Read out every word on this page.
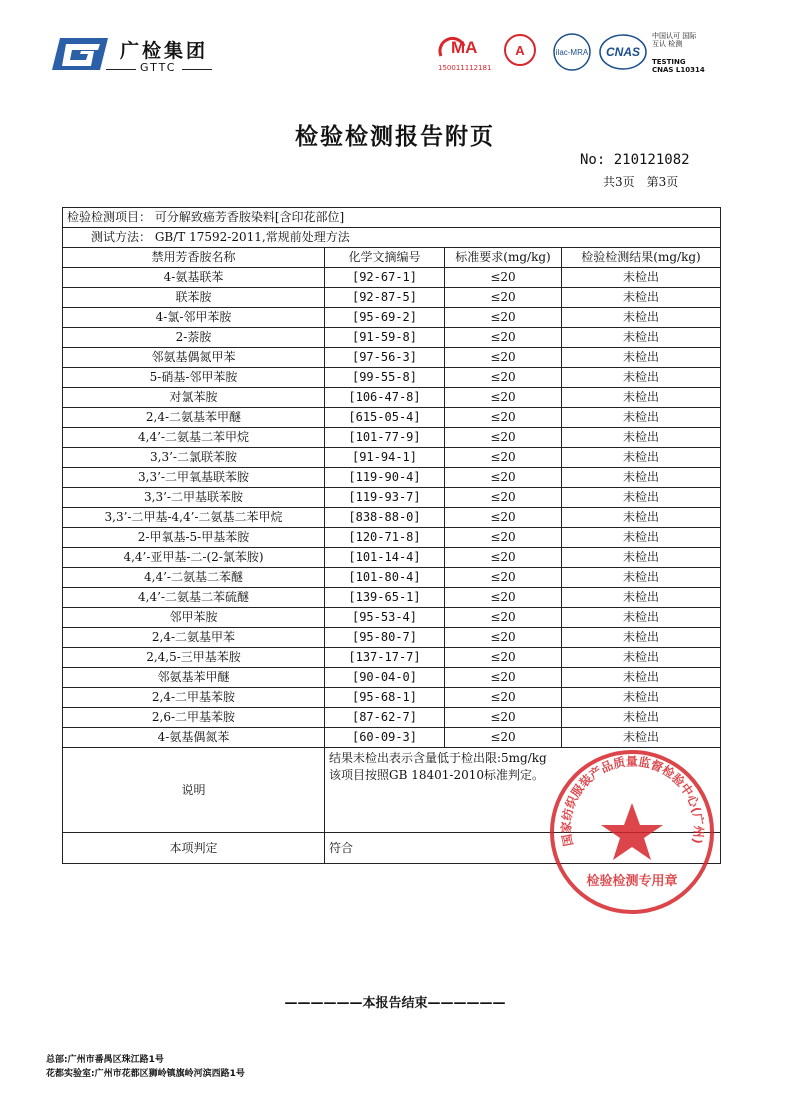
广检集团
GTTC
MA
150011112181
A	ilac-MRA CNAS
中国认可 国际互认 检测
TESTING
CNAS L10314
检验检测报告附页
No: 210121082
共3页　第3页
检验检测项目： 可分解致癌芳香胺染料[含印花部位]			
测试方法： GB/T 17592-2011,常规前处理方法			
禁用芳香胺名称	化学文摘编号	标准要求(mg/kg)	检验检测结果(mg/kg)
4-氨基联苯	[92-67-1]	≤20	未检出
联苯胺	[92-87-5]	≤20	未检出
4-氯-邻甲苯胺	[95-69-2]	≤20	未检出
2-萘胺	[91-59-8]	≤20	未检出
邻氨基偶氮甲苯	[97-56-3]	≤20	未检出
5-硝基-邻甲苯胺	[99-55-8]	≤20	未检出
对氯苯胺	[106-47-8]	≤20	未检出
2,4-二氨基苯甲醚	[615-05-4]	≤20	未检出
4,4’-二氨基二苯甲烷	[101-77-9]	≤20	未检出
3,3’-二氯联苯胺	[91-94-1]	≤20	未检出
3,3’-二甲氧基联苯胺	[119-90-4]	≤20	未检出
3,3’-二甲基联苯胺	[119-93-7]	≤20	未检出
3,3’-二甲基-4,4’-二氨基二苯甲烷	[838-88-0]	≤20	未检出
2-甲氧基-5-甲基苯胺	[120-71-8]	≤20	未检出
4,4’-亚甲基-二-(2-氯苯胺)	[101-14-4]	≤20	未检出
4,4’-二氨基二苯醚	[101-80-4]	≤20	未检出
4,4’-二氨基二苯硫醚	[139-65-1]	≤20	未检出
邻甲苯胺	[95-53-4]	≤20	未检出
2,4-二氨基甲苯	[95-80-7]	≤20	未检出
2,4,5-三甲基苯胺	[137-17-7]	≤20	未检出
邻氨基苯甲醚	[90-04-0]	≤20	未检出
2,4-二甲基苯胺	[95-68-1]	≤20	未检出
2,6-二甲基苯胺	[87-62-7]	≤20	未检出
4-氨基偶氮苯	[60-09-3]	≤20	未检出
说明	结果未检出表示含量低于检出限:5mg/kg
该项目按照GB 18401-2010标准判定。		

本项判定	符合		
国家纺织服装产品质量监督检验中心(广州)
检验检测专用章
——————本报告结束——————
总部:广州市番禺区珠江路1号
花都实验室:广州市花都区狮岭镇旗岭河滨西路1号
